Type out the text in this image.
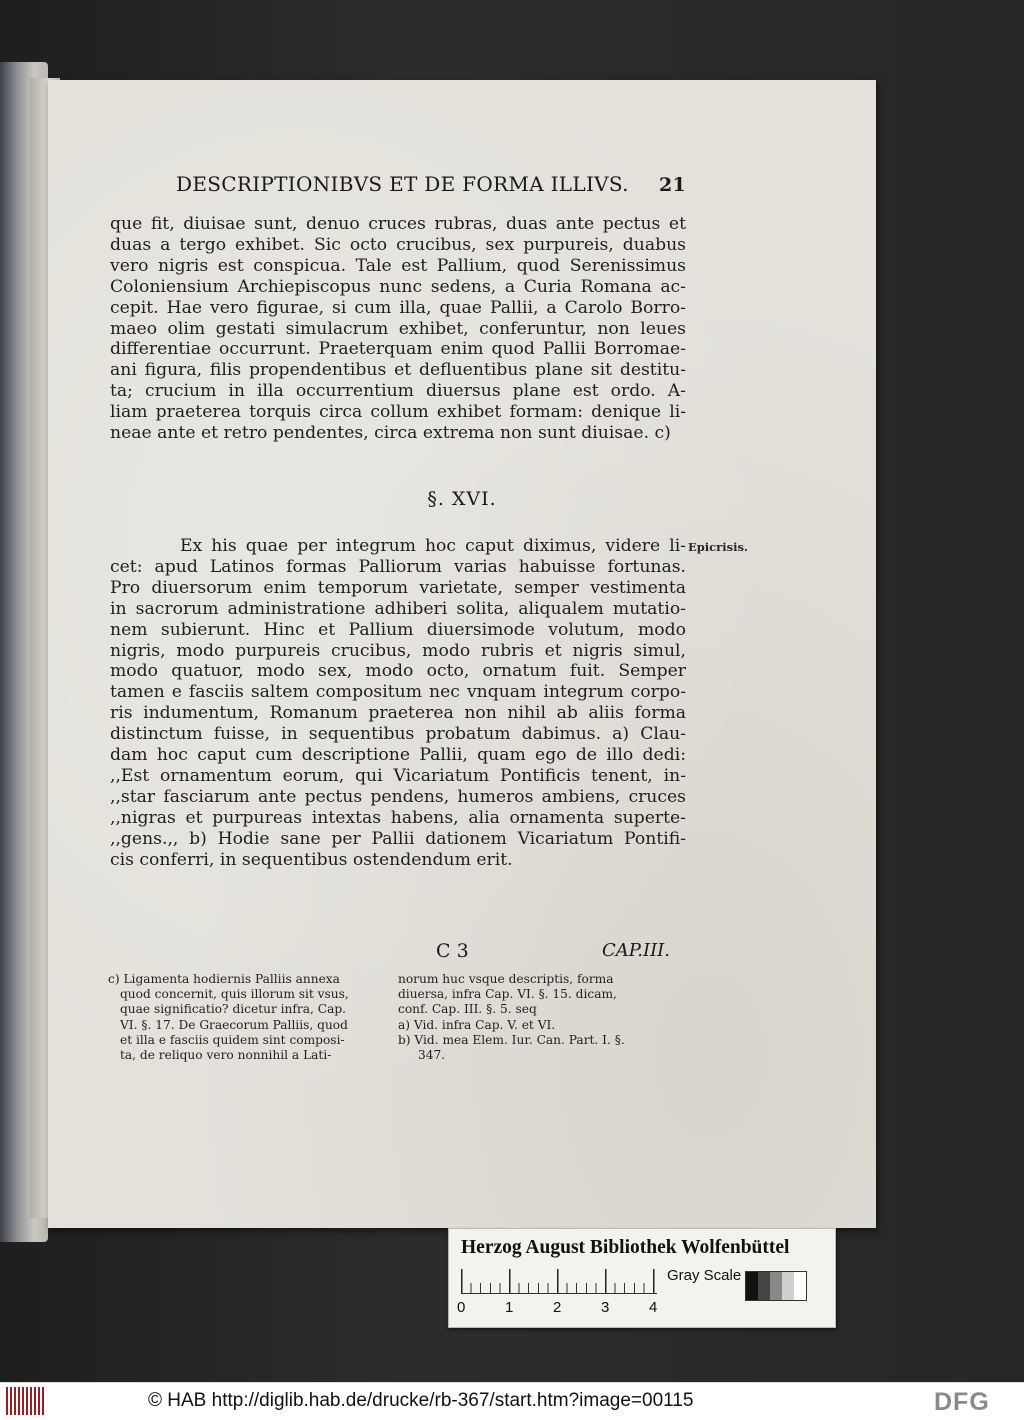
DESCRIPTIONIBVS ET DE FORMA ILLIVS. 21
que fit, diuisae sunt, denuo cruces rubras, duas ante pectus et
duas a tergo exhibet. Sic octo crucibus, sex purpureis, duabus
vero nigris est conspicua. Tale est Pallium, quod Serenissimus
Coloniensium Archiepiscopus nunc sedens, a Curia Romana ac-
cepit. Hae vero figurae, si cum illa, quae Pallii, a Carolo Borro-
maeo olim gestati simulacrum exhibet, conferuntur, non leues
differentiae occurrunt. Praeterquam enim quod Pallii Borromae-
ani figura, filis propendentibus et defluentibus plane sit destitu-
ta; crucium in illa occurrentium diuersus plane est ordo. A-
liam praeterea torquis circa collum exhibet formam: denique li-
neae ante et retro pendentes, circa extrema non sunt diuisae. c)
§. XVI.
Ex his quae per integrum hoc caput diximus, videre li-
cet: apud Latinos formas Palliorum varias habuisse fortunas.
Pro diuersorum enim temporum varietate, semper vestimenta
in sacrorum administratione adhiberi solita, aliqualem mutatio-
nem subierunt. Hinc et Pallium diuersimode volutum, modo
nigris, modo purpureis crucibus, modo rubris et nigris simul,
modo quatuor, modo sex, modo octo, ornatum fuit. Semper
tamen e fasciis saltem compositum nec vnquam integrum corpo-
ris indumentum, Romanum praeterea non nihil ab aliis forma
distinctum fuisse, in sequentibus probatum dabimus. a) Clau-
dam hoc caput cum descriptione Pallii, quam ego de illo dedi:
,,Est ornamentum eorum, qui Vicariatum Pontificis tenent, in-
,,star fasciarum ante pectus pendens, humeros ambiens, cruces
,,nigras et purpureas intextas habens, alia ornamenta superte-
,,gens.,, b) Hodie sane per Pallii dationem Vicariatum Pontifi-
cis conferri, in sequentibus ostendendum erit.
Epicrisis.
C 3	CAP.III.
c) Ligamenta hodiernis Palliis annexa
quod concernit, quis illorum sit vsus,
quae significatio? dicetur infra, Cap.
VI. §. 17. De Graecorum Palliis, quod
et illa e fasciis quidem sint composi-
ta, de reliquo vero nonnihil a Lati-
norum huc vsque descriptis, forma
diuersa, infra Cap. VI. §. 15. dicam,
conf. Cap. III. §. 5. seq
a) Vid. infra Cap. V. et VI.
b) Vid. mea Elem. Iur. Can. Part. I. §.
347.
Herzog August Bibliothek Wolfenbüttel
0	1	2	3	4
Gray Scale
© HAB http://diglib.hab.de/drucke/rb-367/start.htm?image=00115	DFG
